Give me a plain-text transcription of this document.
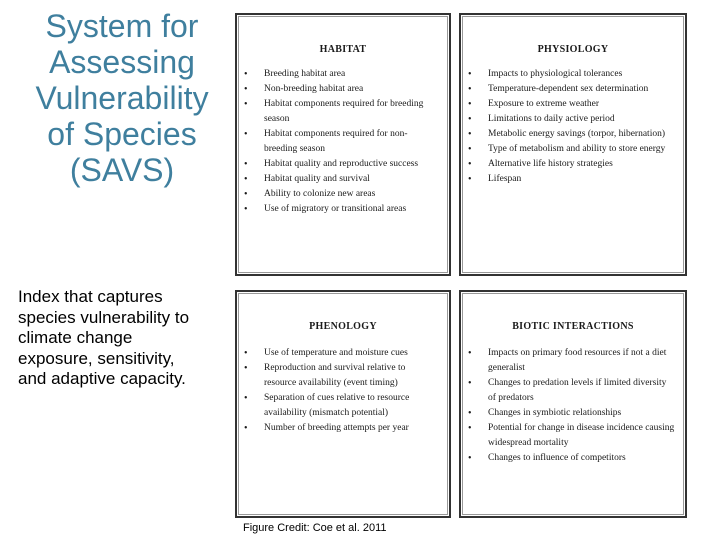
System for
Assessing
Vulnerability
of Species
(SAVS)
Index that captures
species vulnerability to
climate change
exposure, sensitivity,
and adaptive capacity.
HABITAT
• Breeding habitat area
• Non-breeding habitat area
• Habitat components required for breeding season
• Habitat components required for non-breeding season
• Habitat quality and reproductive success
• Habitat quality and survival
• Ability to colonize new areas
• Use of migratory or transitional areas
PHYSIOLOGY
• Impacts to physiological tolerances
• Temperature-dependent sex determination
• Exposure to extreme weather
• Limitations to daily active period
• Metabolic energy savings (torpor, hibernation)
• Type of metabolism and ability to store energy
• Alternative life history strategies
• Lifespan
PHENOLOGY
• Use of temperature and moisture cues
• Reproduction and survival relative to resource availability (event timing)
• Separation of cues relative to resource availability (mismatch potential)
• Number of breeding attempts per year
BIOTIC INTERACTIONS
• Impacts on primary food resources if not a diet generalist
• Changes to predation levels if limited diversity of predators
• Changes in symbiotic relationships
• Potential for change in disease incidence causing widespread mortality
• Changes to influence of competitors
Figure Credit: Coe et al. 2011
